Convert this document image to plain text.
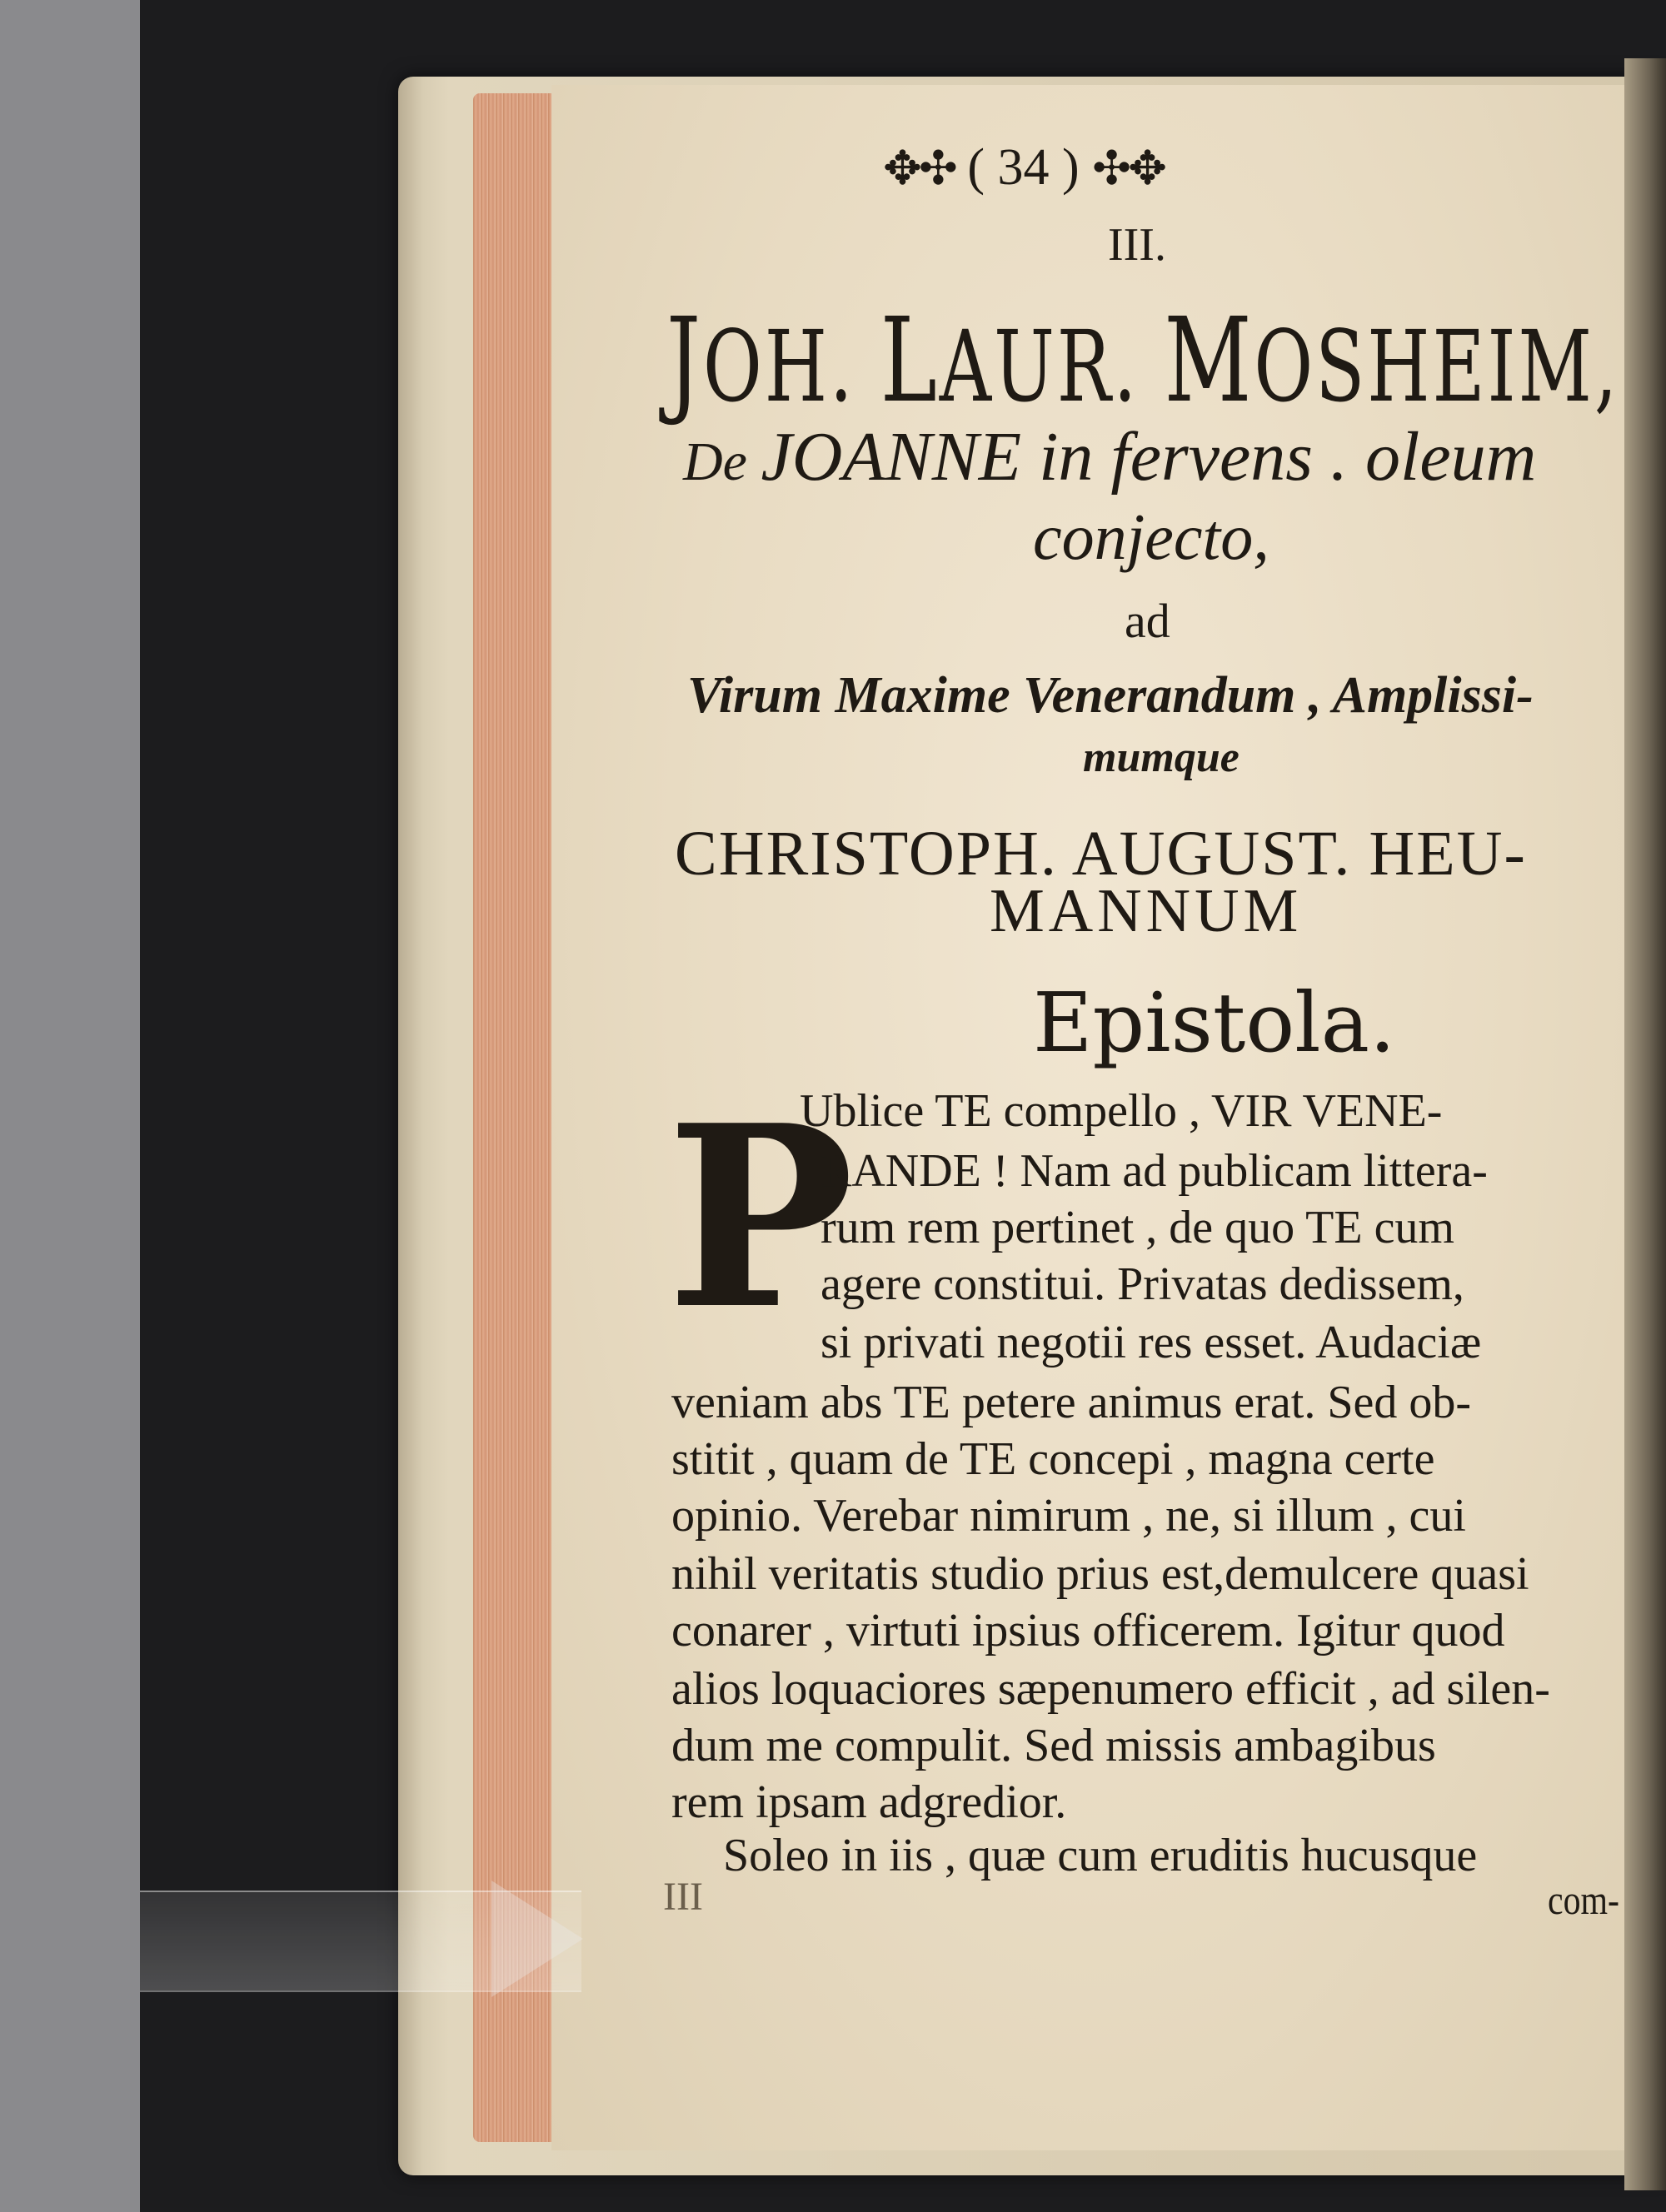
✥✣ ( 34 ) ✣✥
III.
JOH. LAUR. MOSHEIM,
De JOANNE in fervens . oleum
conjecto,
ad
Virum Maxime Venerandum , Amplissi-
mumque
CHRISTOPH. AUGUST. HEU-
MANNUM
Epistola.
P
Ublice TE compello , VIR VENE-
RANDE ! Nam ad publicam littera-
rum rem pertinet , de quo TE cum
agere constitui. Privatas dedissem,
si privati negotii res esset. Audaciæ
veniam abs TE petere animus erat. Sed ob-
stitit , quam de TE concepi , magna certe
opinio. Verebar nimirum , ne, si illum , cui
nihil veritatis studio prius est,demulcere quasi
conarer , virtuti ipsius officerem. Igitur quod
alios loquaciores sæpenumero efficit , ad silen-
dum me compulit. Sed missis ambagibus
rem ipsam adgredior.
Soleo in iis , quæ cum eruditis hucusque
III	com-
